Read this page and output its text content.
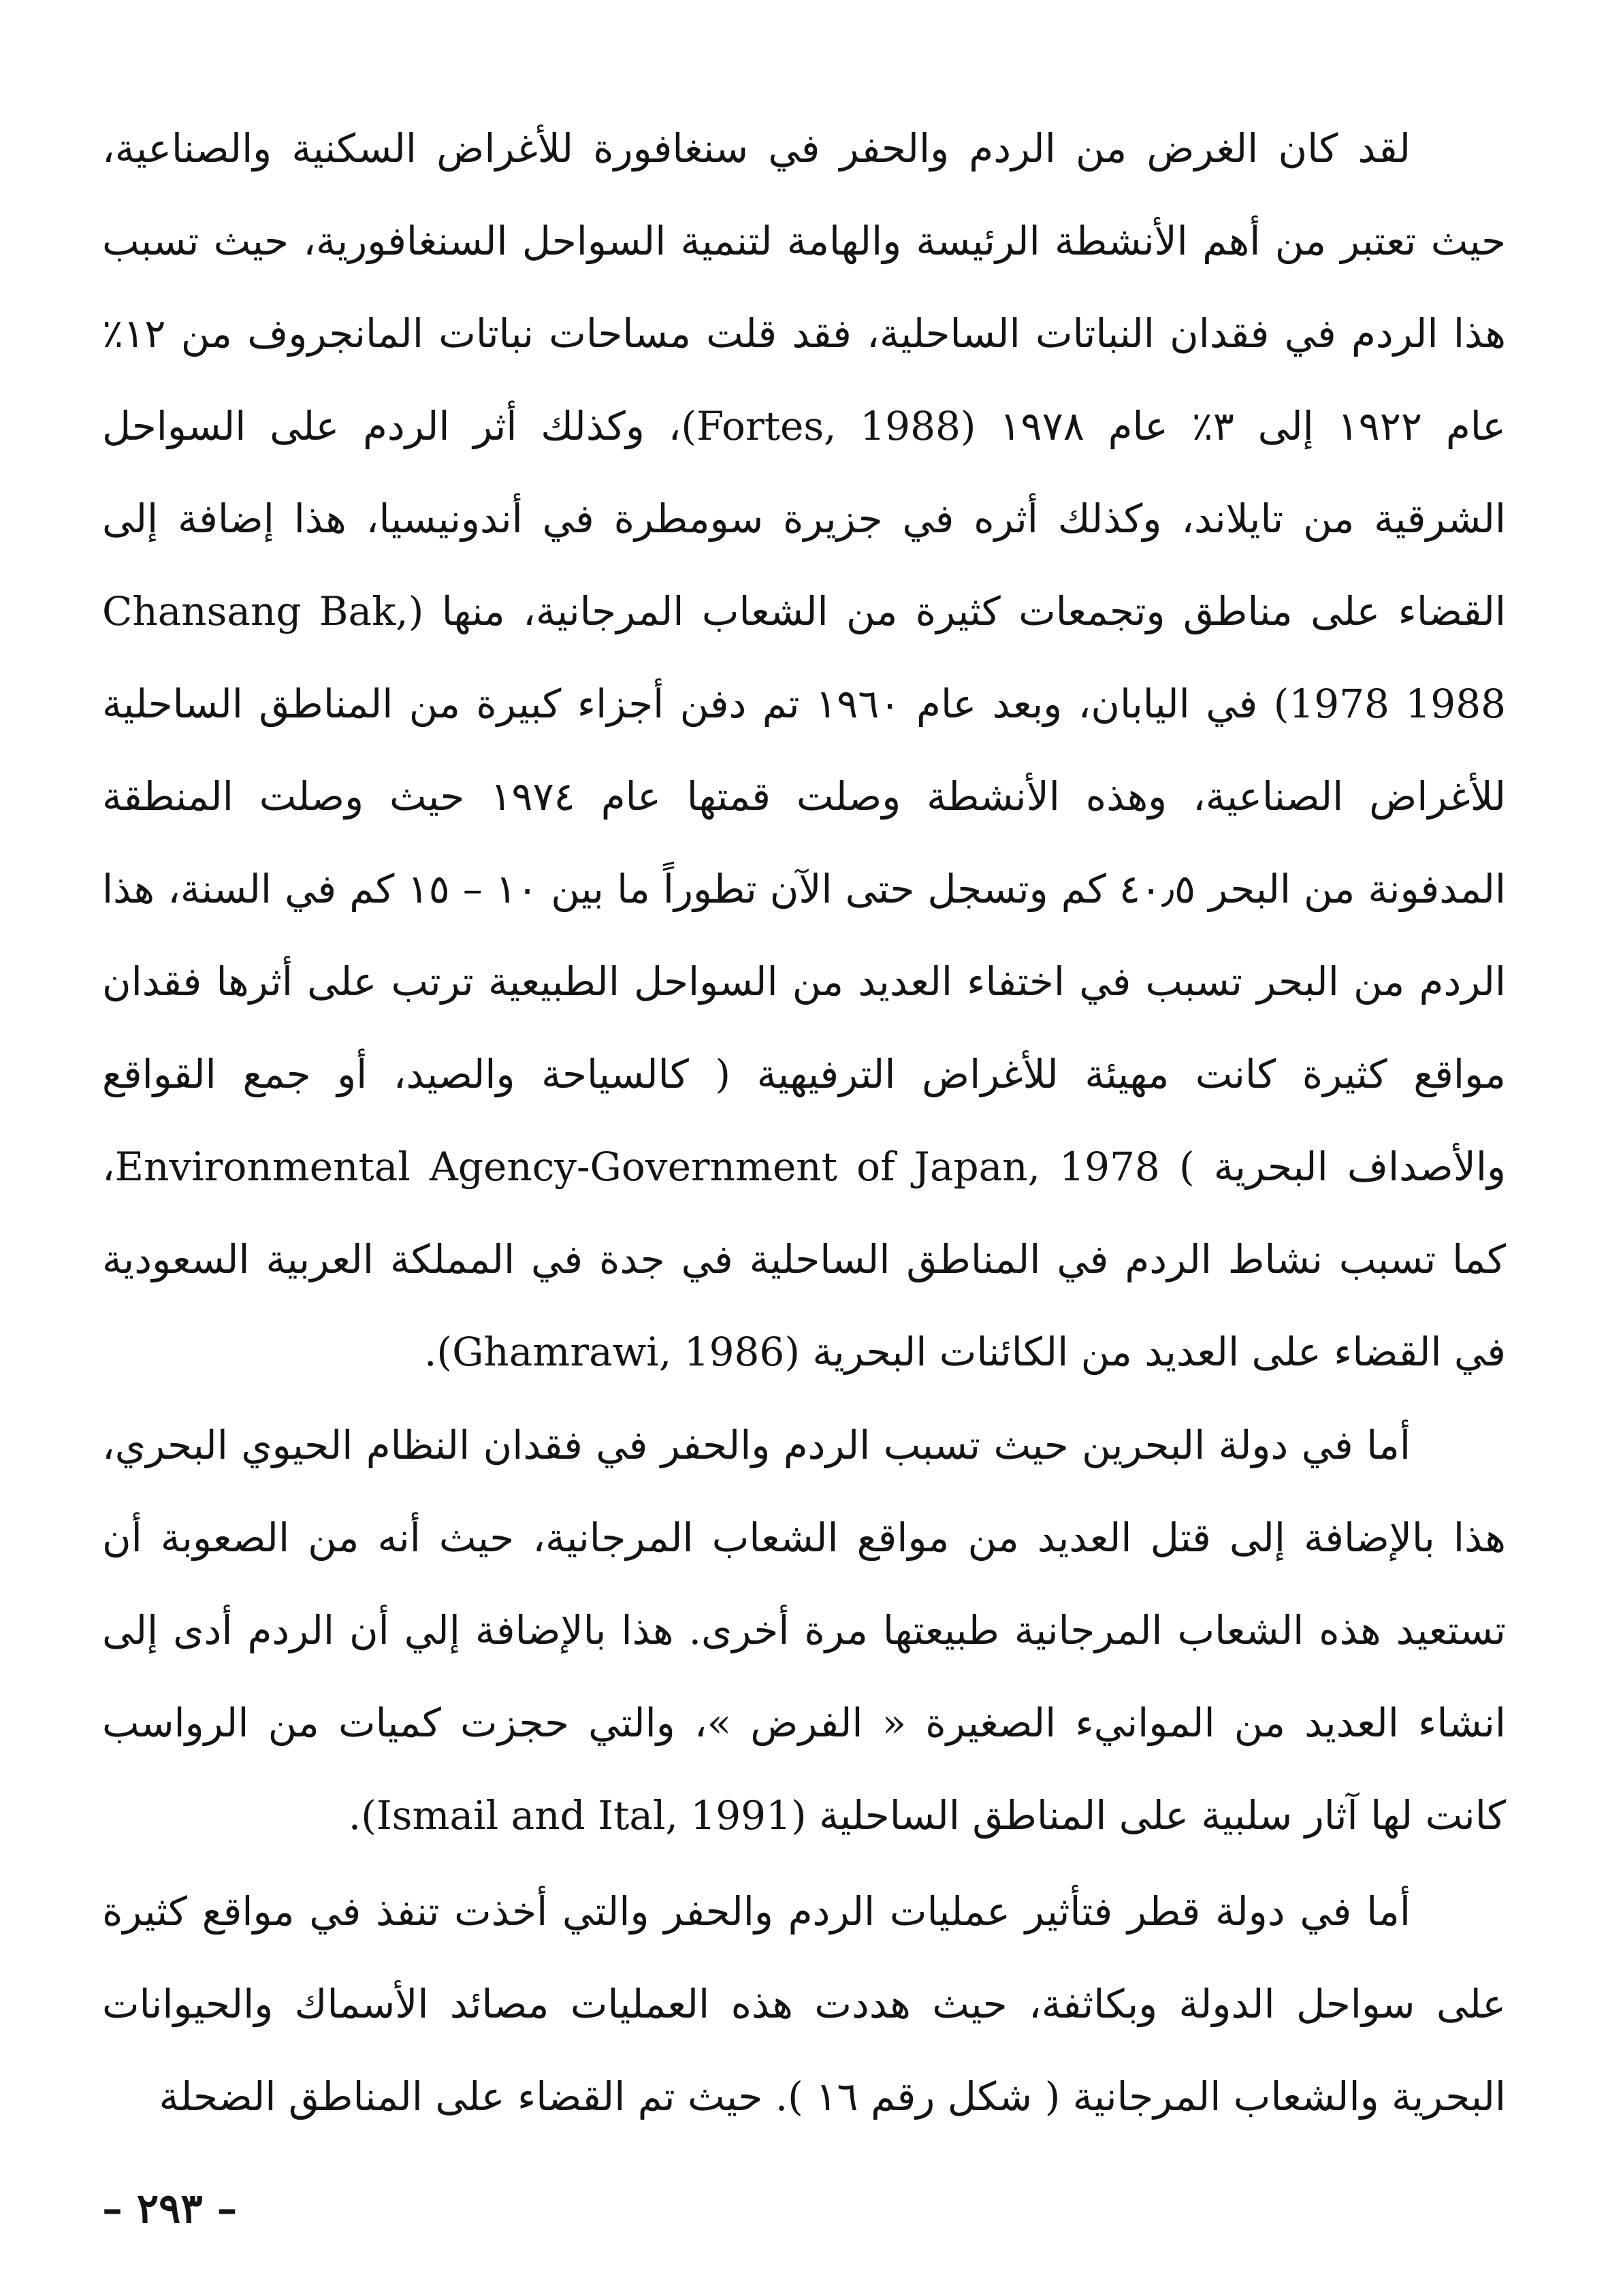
لقد كان الغرض من الردم والحفر في سنغافورة للأغراض السكنية والصناعية، حيث تعتبر من أهم الأنشطة الرئيسة والهامة لتنمية السواحل السنغافورية، حيث تسبب هذا الردم في فقدان النباتات الساحلية، فقد قلت مساحات نباتات المانجروف من ١٢٪ عام ١٩٢٢ إلى ٣٪ عام ١٩٧٨ (Fortes, 1988)، وكذلك أثر الردم على السواحل الشرقية من تايلاند، وكذلك أثره في جزيرة سومطرة في أندونيسيا، هذا إضافة إلى القضاء على مناطق وتجمعات كثيرة من الشعاب المرجانية، منها (Chansang Bak, 1978 1988) في اليابان، وبعد عام ١٩٦٠ تم دفن أجزاء كبيرة من المناطق الساحلية للأغراض الصناعية، وهذه الأنشطة وصلت قمتها عام ١٩٧٤ حيث وصلت المنطقة المدفونة من البحر ٤٠٫٥ كم وتسجل حتى الآن تطوراً ما بين ١٠ – ١٥ كم في السنة، هذا الردم من البحر تسبب في اختفاء العديد من السواحل الطبيعية ترتب على أثرها فقدان مواقع كثيرة كانت مهيئة للأغراض الترفيهية ( كالسياحة والصيد، أو جمع القواقع والأصداف البحرية ) Environmental Agency-Government of Japan, 1978، كما تسبب نشاط الردم في المناطق الساحلية في جدة في المملكة العربية السعودية في القضاء على العديد من الكائنات البحرية (Ghamrawi, 1986).

أما في دولة البحرين حيث تسبب الردم والحفر في فقدان النظام الحيوي البحري، هذا بالإضافة إلى قتل العديد من مواقع الشعاب المرجانية، حيث أنه من الصعوبة أن تستعيد هذه الشعاب المرجانية طبيعتها مرة أخرى. هذا بالإضافة إلي أن الردم أدى إلى انشاء العديد من الموانيء الصغيرة « الفرض »، والتي حجزت كميات من الرواسب كانت لها آثار سلبية على المناطق الساحلية (Ismail and Ital, 1991).

أما في دولة قطر فتأثير عمليات الردم والحفر والتي أخذت تنفذ في مواقع كثيرة على سواحل الدولة وبكاثفة، حيث هددت هذه العمليات مصائد الأسماك والحيوانات البحرية والشعاب المرجانية ( شكل رقم ١٦ ). حيث تم القضاء على المناطق الضحلة

– ٢٩٣ –
